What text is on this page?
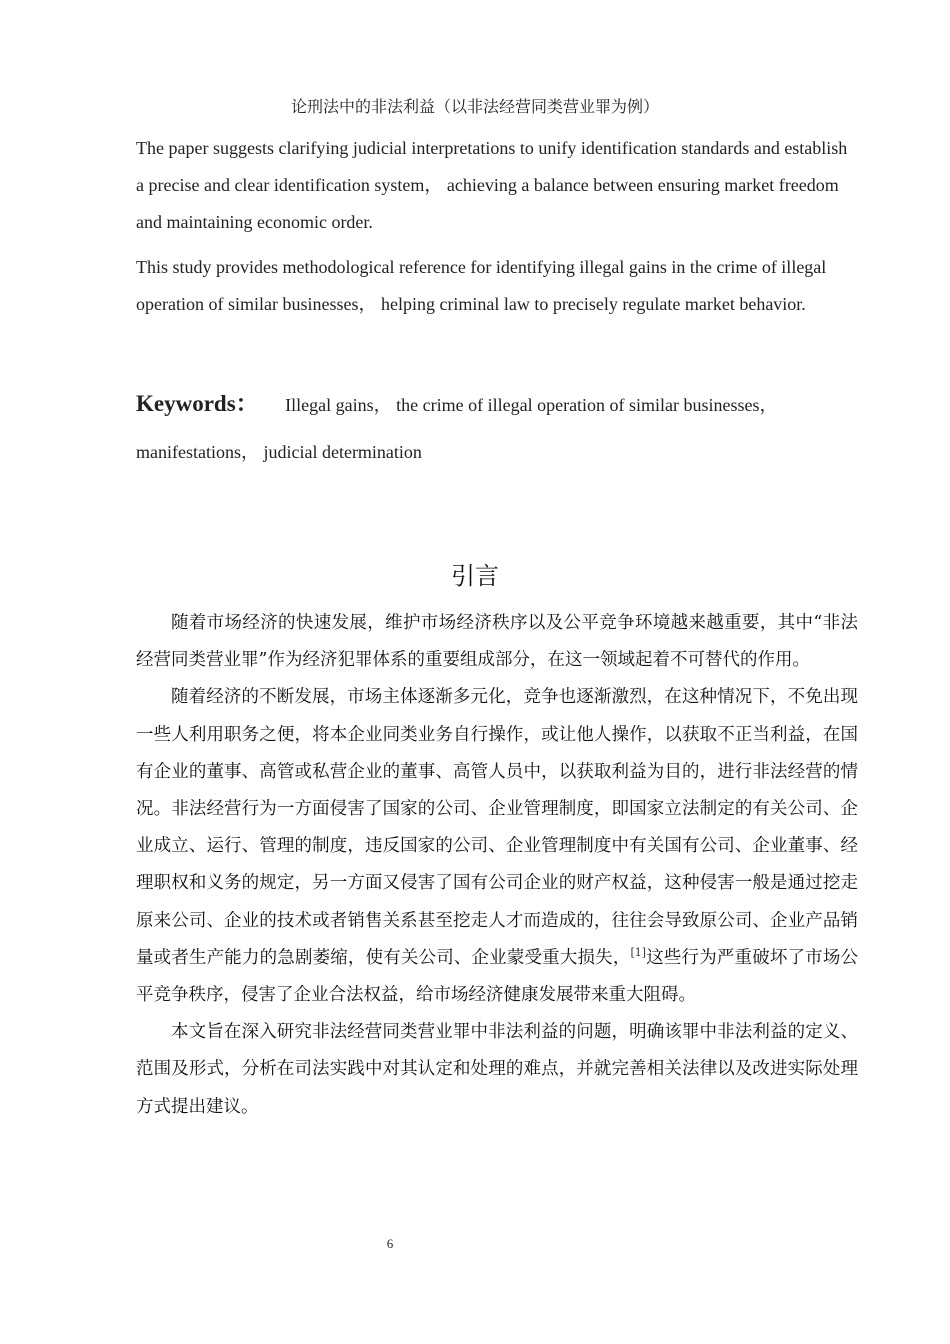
论刑法中的非法利益（以非法经营同类营业罪为例）

The paper suggests clarifying judicial interpretations to unify identification standards and establish a precise and clear identification system， achieving a balance between ensuring market freedom and maintaining economic order.

This study provides methodological reference for identifying illegal gains in the crime of illegal operation of similar businesses， helping criminal law to precisely regulate market behavior.

Keywords： Illegal gains， the crime of illegal operation of similar businesses，
manifestations， judicial determination
引言

随着市场经济的快速发展，维护市场经济秩序以及公平竞争环境越来越重要，其中“非法经营同类营业罪”作为经济犯罪体系的重要组成部分，在这一领域起着不可替代的作用。

随着经济的不断发展，市场主体逐渐多元化，竞争也逐渐激烈，在这种情况下，不免出现一些人利用职务之便，将本企业同类业务自行操作，或让他人操作，以获取不正当利益，在国有企业的董事、高管或私营企业的董事、高管人员中，以获取利益为目的，进行非法经营的情况。非法经营行为一方面侵害了国家的公司、企业管理制度，即国家立法制定的有关公司、企业成立、运行、管理的制度，违反国家的公司、企业管理制度中有关国有公司、企业董事、经理职权和义务的规定，另一方面又侵害了国有公司企业的财产权益，这种侵害一般是通过挖走原来公司、企业的技术或者销售关系甚至挖走人才而造成的，往往会导致原公司、企业产品销量或者生产能力的急剧萎缩，使有关公司、企业蒙受重大损失，[1]这些行为严重破坏了市场公平竞争秩序，侵害了企业合法权益，给市场经济健康发展带来重大阻碍。

本文旨在深入研究非法经营同类营业罪中非法利益的问题，明确该罪中非法利益的定义、范围及形式，分析在司法实践中对其认定和处理的难点，并就完善相关法律以及改进实际处理方式提出建议。

6
